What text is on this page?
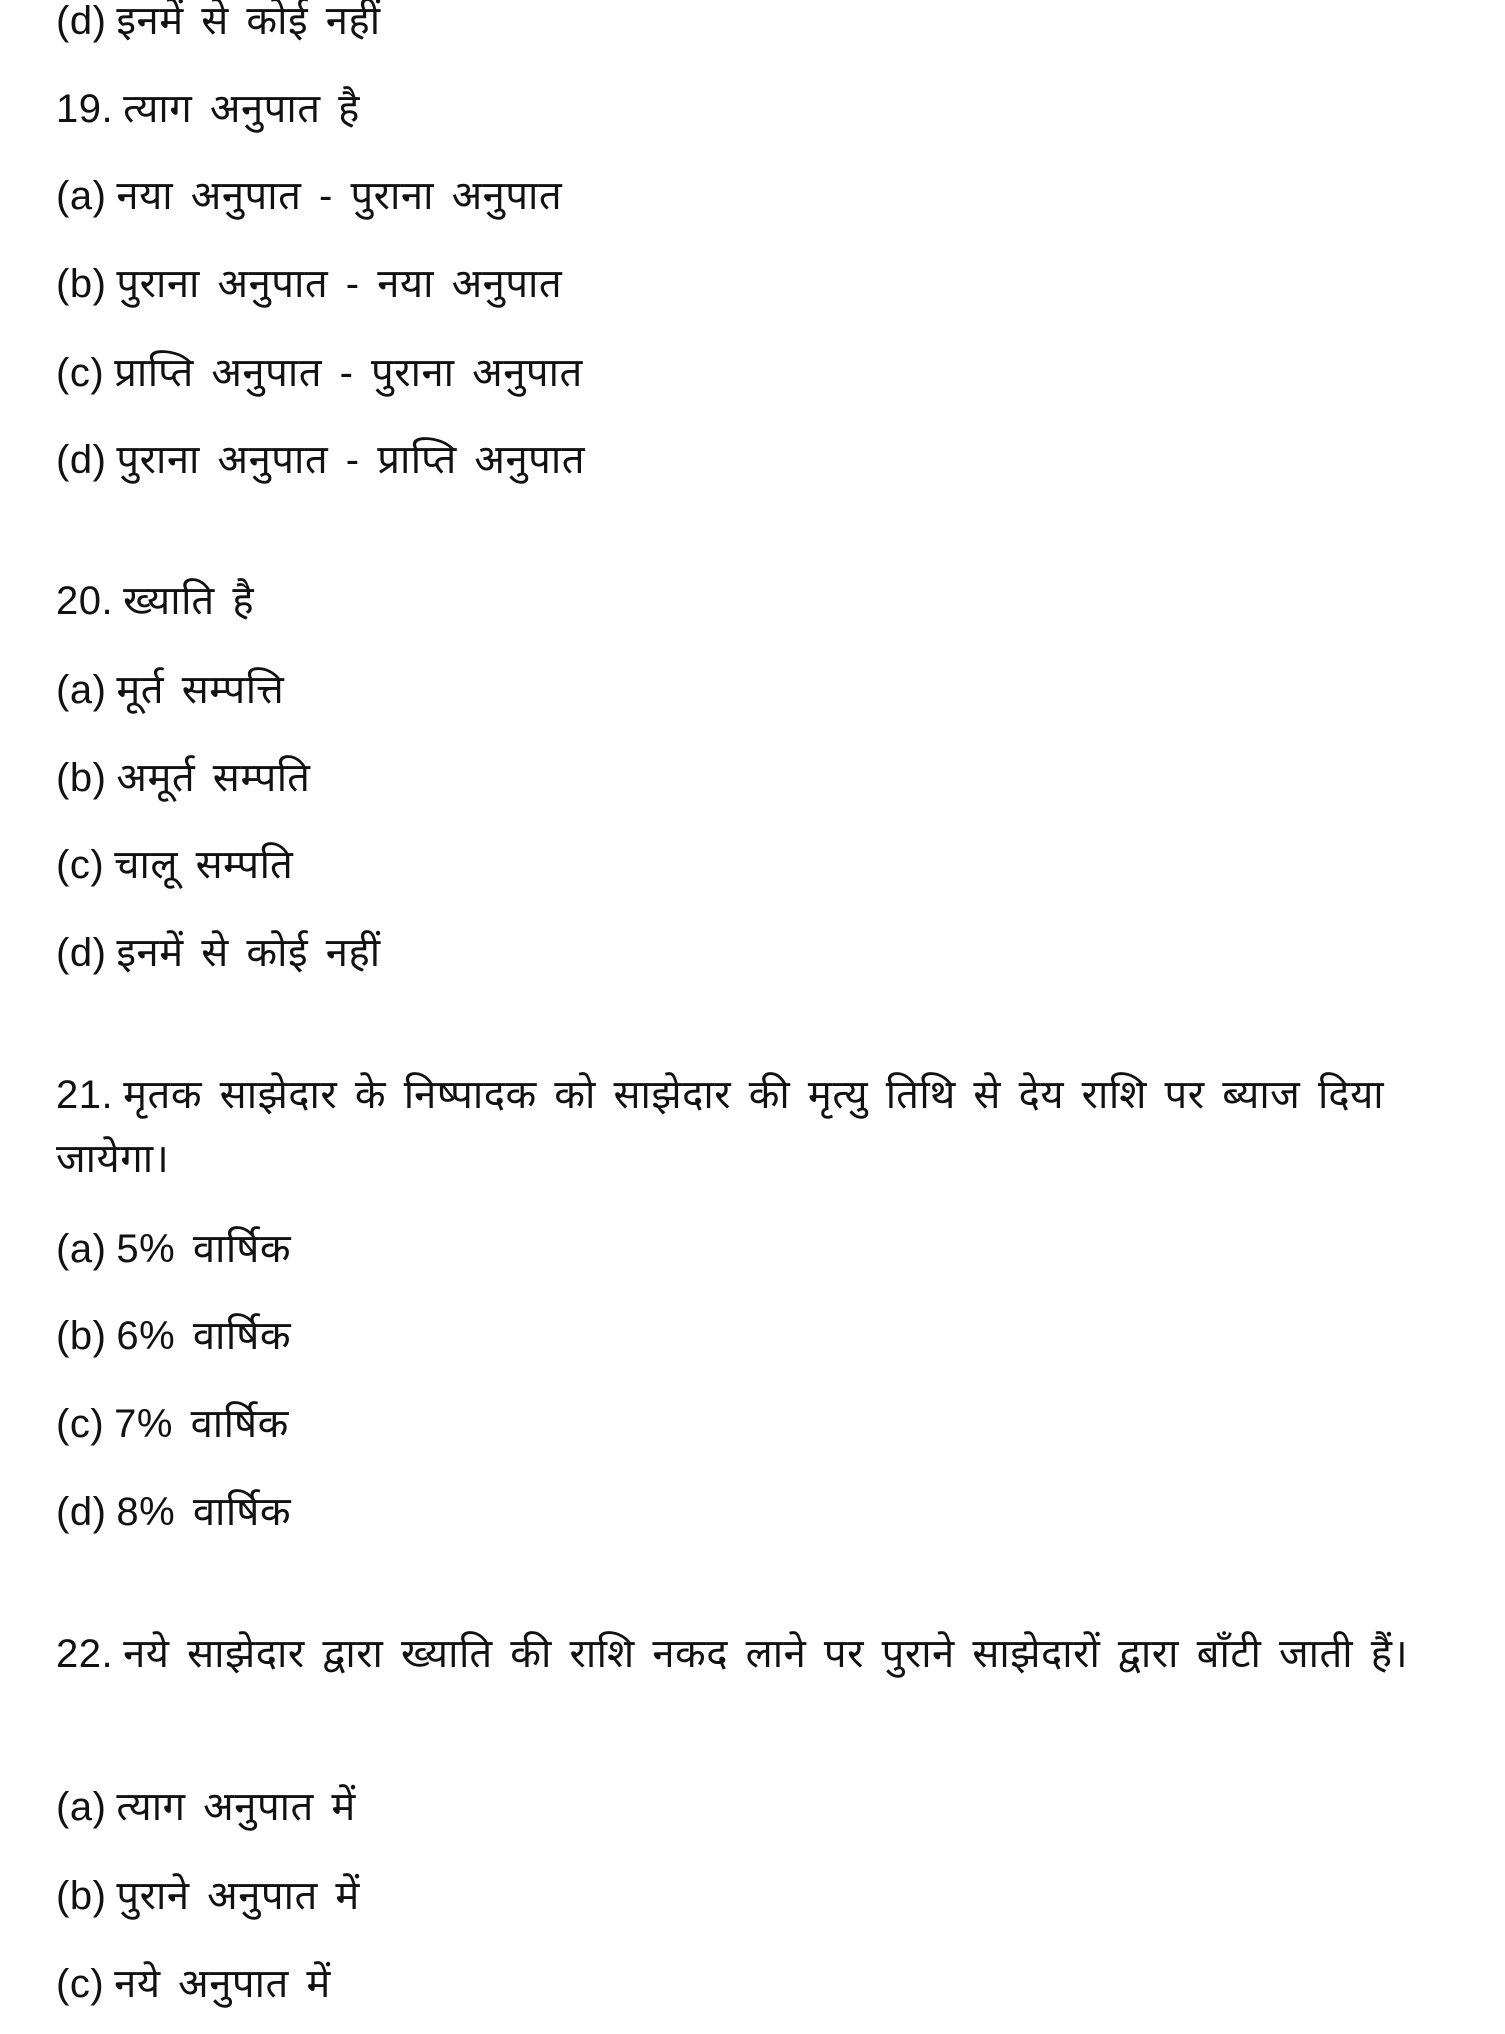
(d) इनमें से कोई नहीं
19. त्याग अनुपात है
(a) नया अनुपात - पुराना अनुपात
(b) पुराना अनुपात - नया अनुपात
(c) प्राप्ति अनुपात - पुराना अनुपात
(d) पुराना अनुपात - प्राप्ति अनुपात
20. ख्याति है
(a) मूर्त सम्पत्ति
(b) अमूर्त सम्पति
(c) चालू सम्पति
(d) इनमें से कोई नहीं
21. मृतक साझेदार के निष्पादक को साझेदार की मृत्यु तिथि से देय राशि पर ब्याज दिया जायेगा।
(a) 5% वार्षिक
(b) 6% वार्षिक
(c) 7% वार्षिक
(d) 8% वार्षिक
22. नये साझेदार द्वारा ख्याति की राशि नकद लाने पर पुराने साझेदारों द्वारा बाँटी जाती हैं।
(a) त्याग अनुपात में
(b) पुराने अनुपात में
(c) नये अनुपात में
